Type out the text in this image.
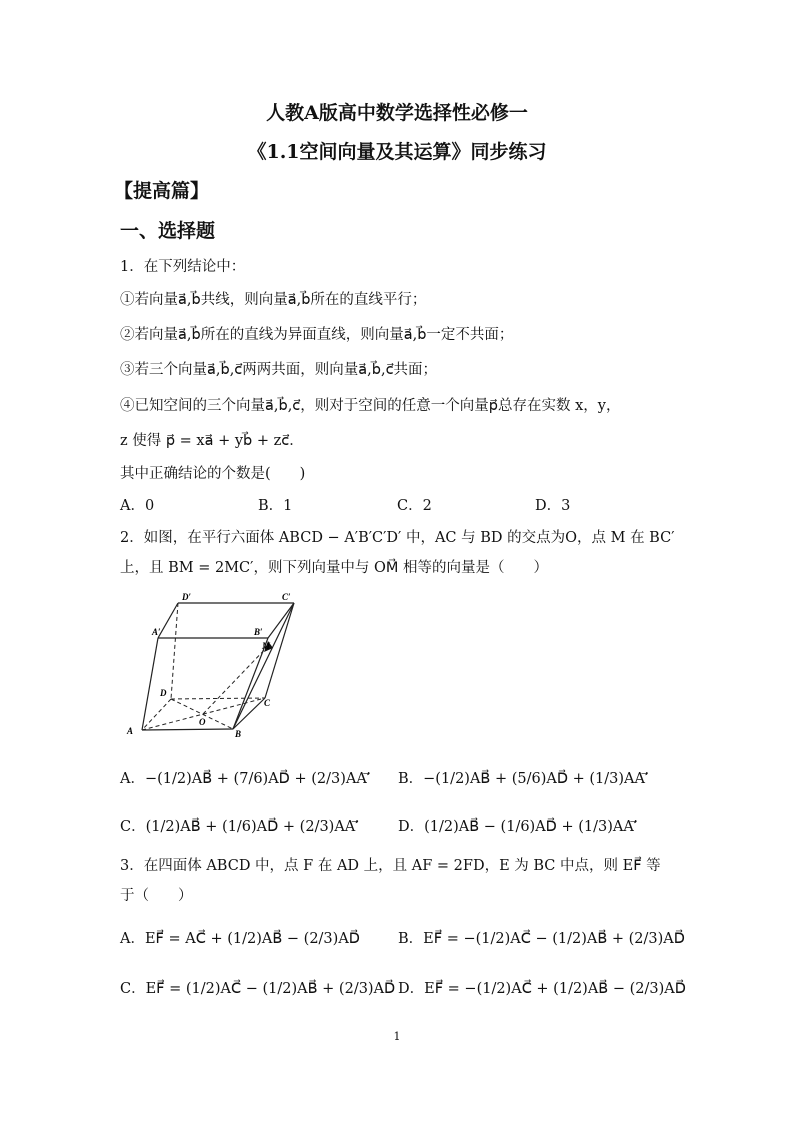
人教A版高中数学选择性必修一
《1.1空间向量及其运算》同步练习
【提高篇】
一、选择题
1．在下列结论中：
①若向量a⃗,b⃗共线，则向量a⃗,b⃗所在的直线平行；
②若向量a⃗,b⃗所在的直线为异面直线，则向量a⃗,b⃗一定不共面；
③若三个向量a⃗,b⃗,c⃗两两共面，则向量a⃗,b⃗,c⃗共面；
④已知空间的三个向量a⃗,b⃗,c⃗，则对于空间的任意一个向量p⃗总存在实数 x，y，
z 使得 p⃗ = xa⃗ + yb⃗ + zc⃗．
其中正确结论的个数是(　　)
A．0	B．1	C．2	D．3
2．如图，在平行六面体 ABCD − A′B′C′D′ 中，AC 与 BD 的交点为O，点 M 在 BC′
上，且 BM = 2MC′，则下列向量中与 OM⃗ 相等的向量是（　　）
D′	C′
A′	B′
M
D
C
O
A	B
A．−(1/2)AB⃗ + (7/6)AD⃗ + (2/3)AA′⃗ B．−(1/2)AB⃗ + (5/6)AD⃗ + (1/3)AA′⃗
C．(1/2)AB⃗ + (1/6)AD⃗ + (2/3)AA′⃗	D．(1/2)AB⃗ − (1/6)AD⃗ + (1/3)AA′⃗
3．在四面体 ABCD 中，点 F 在 AD 上，且 AF = 2FD，E 为 BC 中点，则 EF⃗ 等
于（　　）
A．EF⃗ = AC⃗ + (1/2)AB⃗ − (2/3)AD⃗	B．EF⃗ = −(1/2)AC⃗ − (1/2)AB⃗ + (2/3)AD⃗
C．EF⃗ = (1/2)AC⃗ − (1/2)AB⃗ + (2/3)AD⃗ D．EF⃗ = −(1/2)AC⃗ + (1/2)AB⃗ − (2/3)AD⃗
1
